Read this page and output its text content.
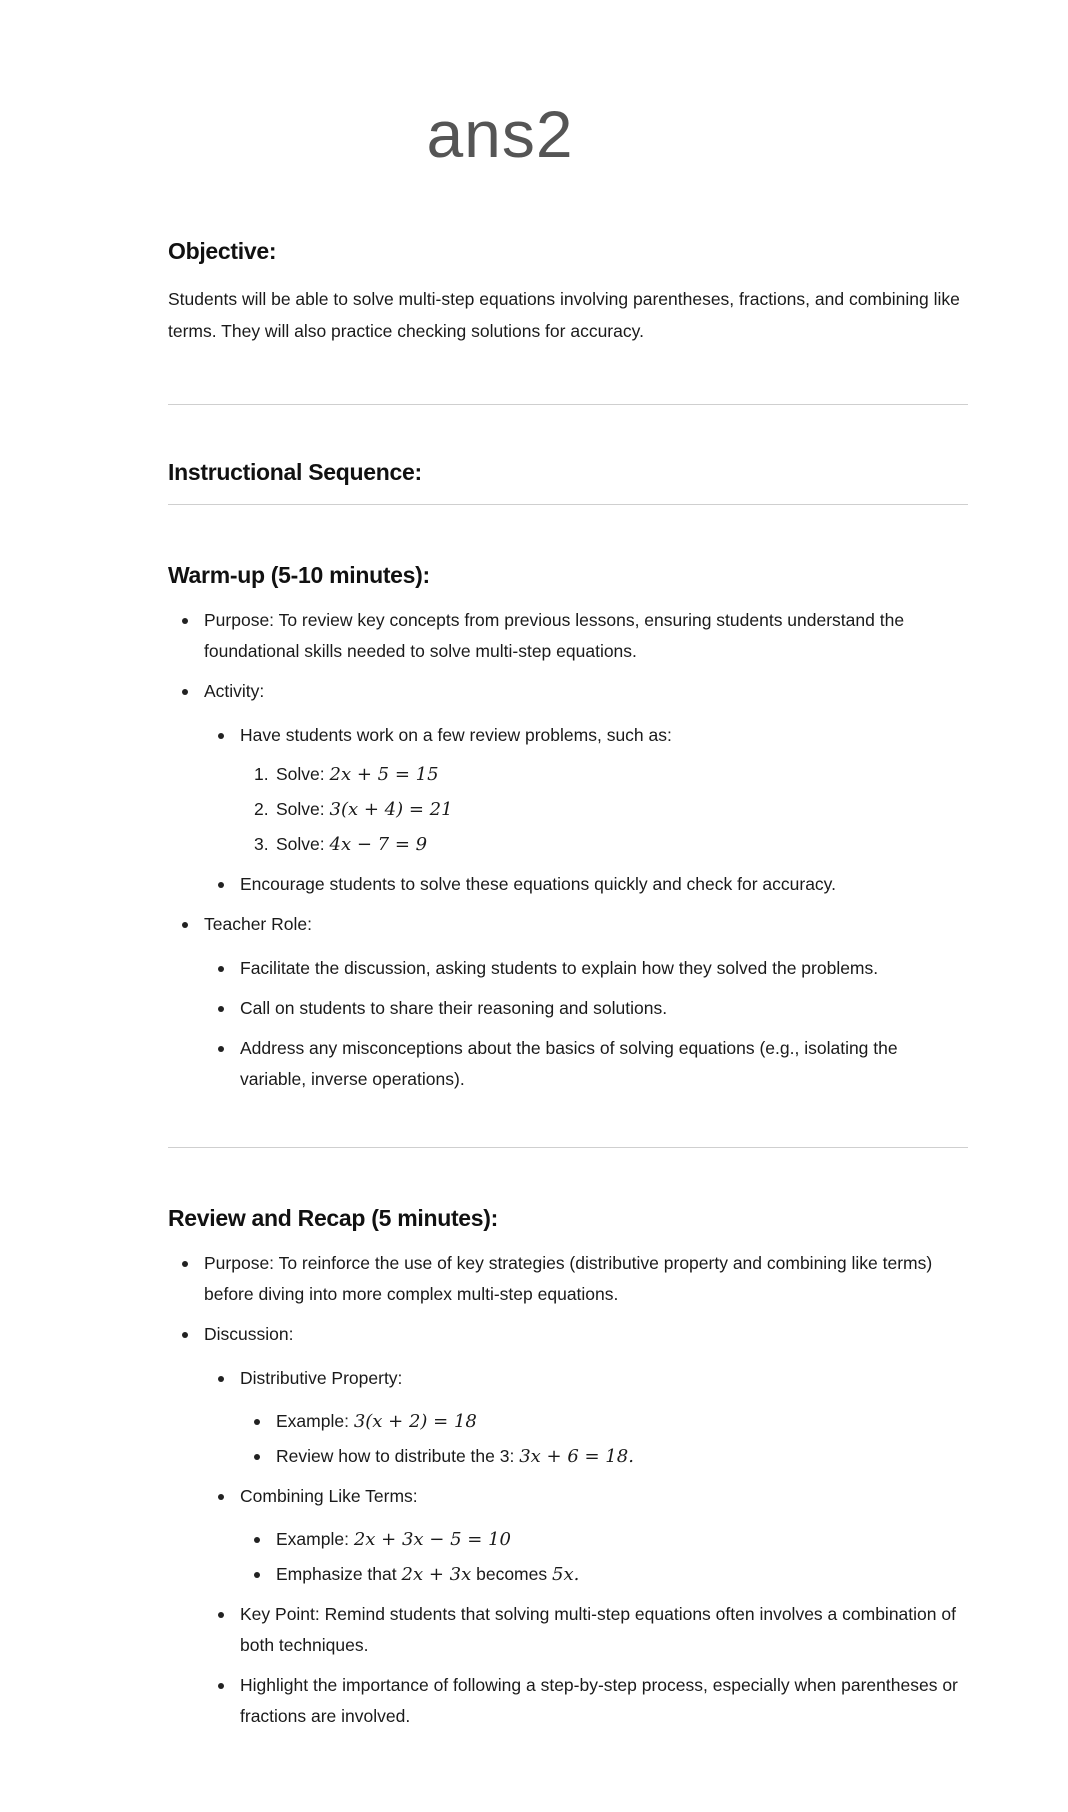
ans2
Objective:

Students will be able to solve multi-step equations involving parentheses, fractions, and combining like terms. They will also practice checking solutions for accuracy.

Instructional Sequence:
Warm-up (5-10 minutes):
Purpose: To review key concepts from previous lessons, ensuring students understand the foundational skills needed to solve multi-step equations.
Activity:
Have students work on a few review problems, such as:
1. Solve: 2x + 5 = 15
2. Solve: 3(x + 4) = 21
3. Solve: 4x − 7 = 9
Encourage students to solve these equations quickly and check for accuracy.
Teacher Role:
Facilitate the discussion, asking students to explain how they solved the problems.
Call on students to share their reasoning and solutions.
Address any misconceptions about the basics of solving equations (e.g., isolating the variable, inverse operations).
Review and Recap (5 minutes):
Purpose: To reinforce the use of key strategies (distributive property and combining like terms) before diving into more complex multi-step equations.
Discussion:
Distributive Property:
Example: 3(x + 2) = 18
Review how to distribute the 3: 3x + 6 = 18.
Combining Like Terms:
Example: 2x + 3x − 5 = 10
Emphasize that 2x + 3x becomes 5x.
Key Point: Remind students that solving multi-step equations often involves a combination of both techniques.
Highlight the importance of following a step-by-step process, especially when parentheses or fractions are involved.
